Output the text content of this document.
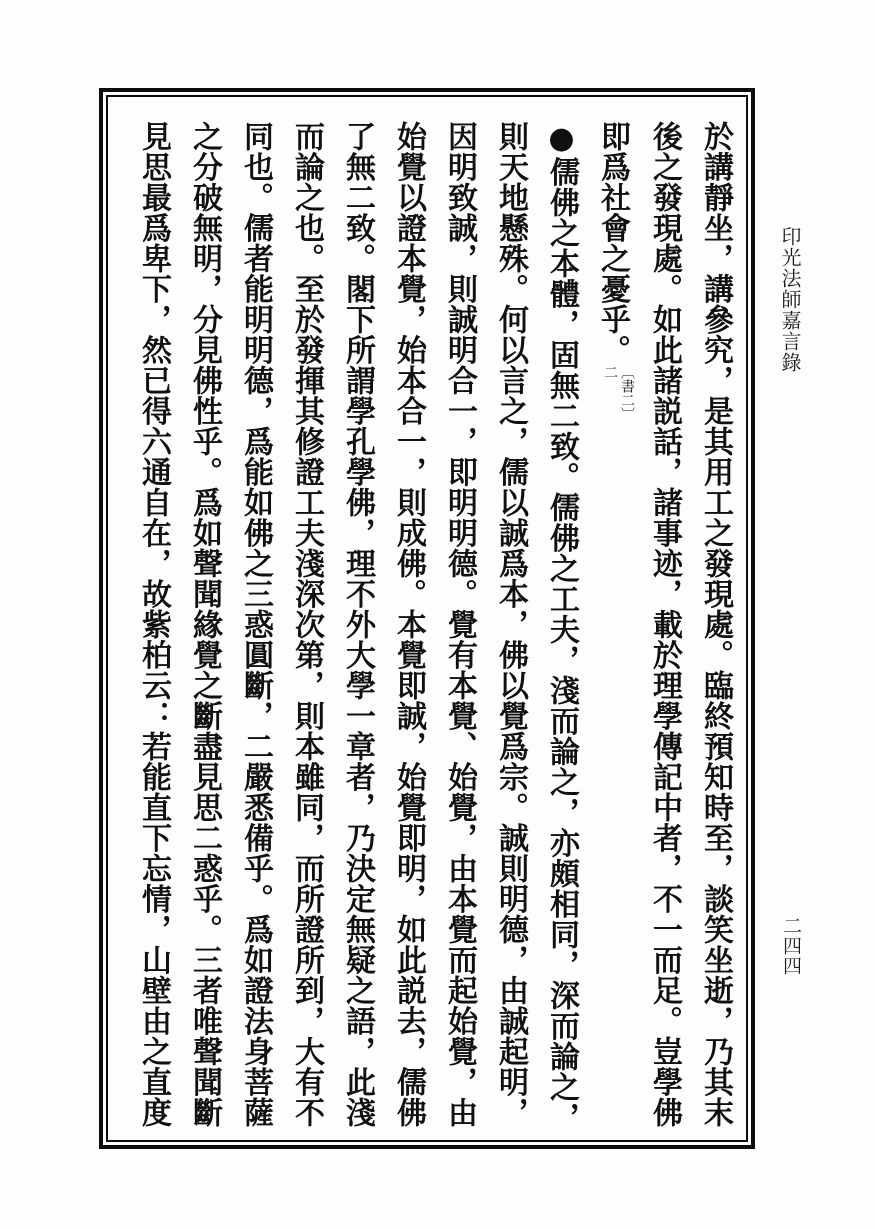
於講靜坐，講參究，是其用工之發現處。臨終預知時至，談笑坐逝，乃其末
後之發現處。如此諸説話，諸事迹，載於理學傳記中者，不一而足。豈學佛
即爲社會之憂乎。
〔書二〕
二
●儒佛之本體，固無二致。儒佛之工夫，淺而論之，亦頗相同，深而論之，
則天地懸殊。何以言之，儒以誠爲本，佛以覺爲宗。誠則明德，由誠起明，
因明致誠，則誠明合一，即明明德。覺有本覺、始覺，由本覺而起始覺，由
始覺以證本覺，始本合一，則成佛。本覺即誠，始覺即明，如此説去，儒佛
了無二致。閣下所謂學孔學佛，理不外大學一章者，乃決定無疑之語，此淺
而論之也。至於發揮其修證工夫淺深次第，則本雖同，而所證所到，大有不
同也。儒者能明明德，爲能如佛之三惑圓斷，二嚴悉備乎。爲如證法身菩薩
之分破無明，分見佛性乎。爲如聲聞緣覺之斷盡見思二惑乎。三者唯聲聞斷
見思最爲卑下，然已得六通自在，故紫柏云：若能直下忘情，山壁由之直度	印光法師嘉言錄
二四四
